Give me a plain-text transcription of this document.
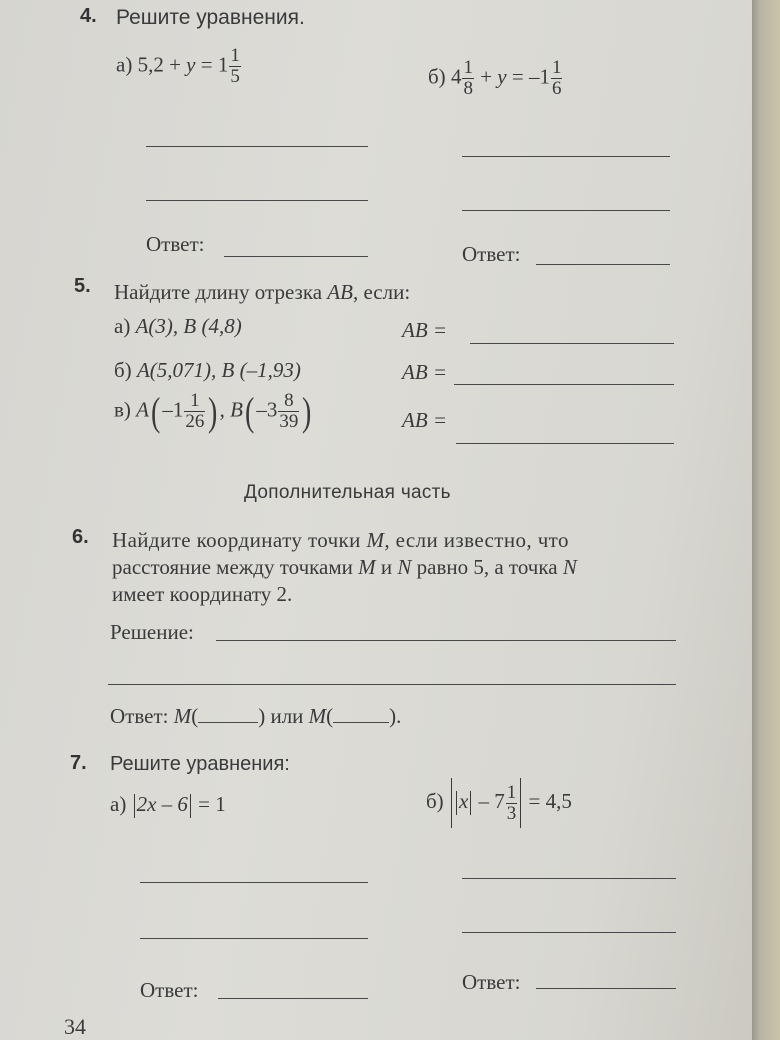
4. Решите уравнения.
а) $5,2 + y = 1 \frac{1}{5}$	б) $4 \frac{1}{8} + y = -1 \frac{1}{6}$
Ответ:	Ответ:
5. Найдите длину отрезка AB, если:
а) A(3), B (4,8)	AB =
б) A(5,071), B (–1,93)	AB =
в) $A(-1 \frac{1}{26}$ ), $B(-3 \frac{8}{39}$ )	AB =
Дополнительная часть
6. Найдите координату точки M, если известно, что
расстояние между точками M и N равно 5, а точка N
имеет координату 2.
Решение:
Ответ: M(	) или M(	).
7. Решите уравнения:
а) 2x – 6 = 1	б) $x - 7 \frac{1}{3} = 4,5$
Ответ:	Ответ:
34
